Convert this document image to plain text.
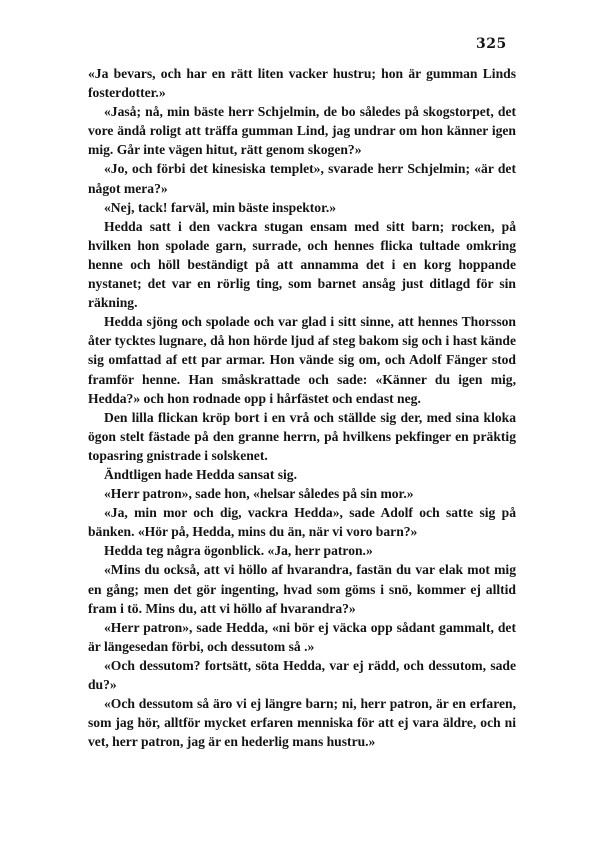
325

«Ja bevars, och har en rätt liten vacker hustru; hon är gumman Linds fosterdotter.»

«Jaså; nå, min bäste herr Schjelmin, de bo således på skogstorpet, det vore ändå roligt att träffa gumman Lind, jag undrar om hon känner igen mig. Går inte vägen hitut, rätt genom skogen?»

«Jo, och förbi det kinesiska templet», svarade herr Schjelmin; «är det något mera?»

«Nej, tack! farväl, min bäste inspektor.»

Hedda satt i den vackra stugan ensam med sitt barn; rocken, på hvilken hon spolade garn, surrade, och hennes flicka tultade omkring henne och höll beständigt på att annamma det i en korg hoppande nystanet; det var en rörlig ting, som barnet ansåg just ditlagd för sin räkning.

Hedda sjöng och spolade och var glad i sitt sinne, att hennes Thorsson åter tycktes lugnare, då hon hörde ljud af steg bakom sig och i hast kände sig omfattad af ett par armar. Hon vände sig om, och Adolf Fänger stod framför henne. Han småskrattade och sade: «Känner du igen mig, Hedda?» och hon rodnade opp i hårfästet och endast neg.

Den lilla flickan kröp bort i en vrå och ställde sig der, med sina kloka ögon stelt fästade på den granne herrn, på hvilkens pekfinger en präktig topasring gnistrade i solskenet.

Ändtligen hade Hedda sansat sig.

«Herr patron», sade hon, «helsar således på sin mor.»

«Ja, min mor och dig, vackra Hedda», sade Adolf och satte sig på bänken. «Hör på, Hedda, mins du än, när vi voro barn?»

Hedda teg några ögonblick. «Ja, herr patron.»

«Mins du också, att vi höllo af hvarandra, fastän du var elak mot mig en gång; men det gör ingenting, hvad som göms i snö, kommer ej alltid fram i tö. Mins du, att vi höllo af hvarandra?»

«Herr patron», sade Hedda, «ni bör ej väcka opp sådant gammalt, det är längesedan förbi, och dessutom så .»

«Och dessutom? fortsätt, söta Hedda, var ej rädd, och dessutom, sade du?»

«Och dessutom så äro vi ej längre barn; ni, herr patron, är en erfaren, som jag hör, alltför mycket erfaren menniska för att ej vara äldre, och ni vet, herr patron, jag är en hederlig mans hustru.»
